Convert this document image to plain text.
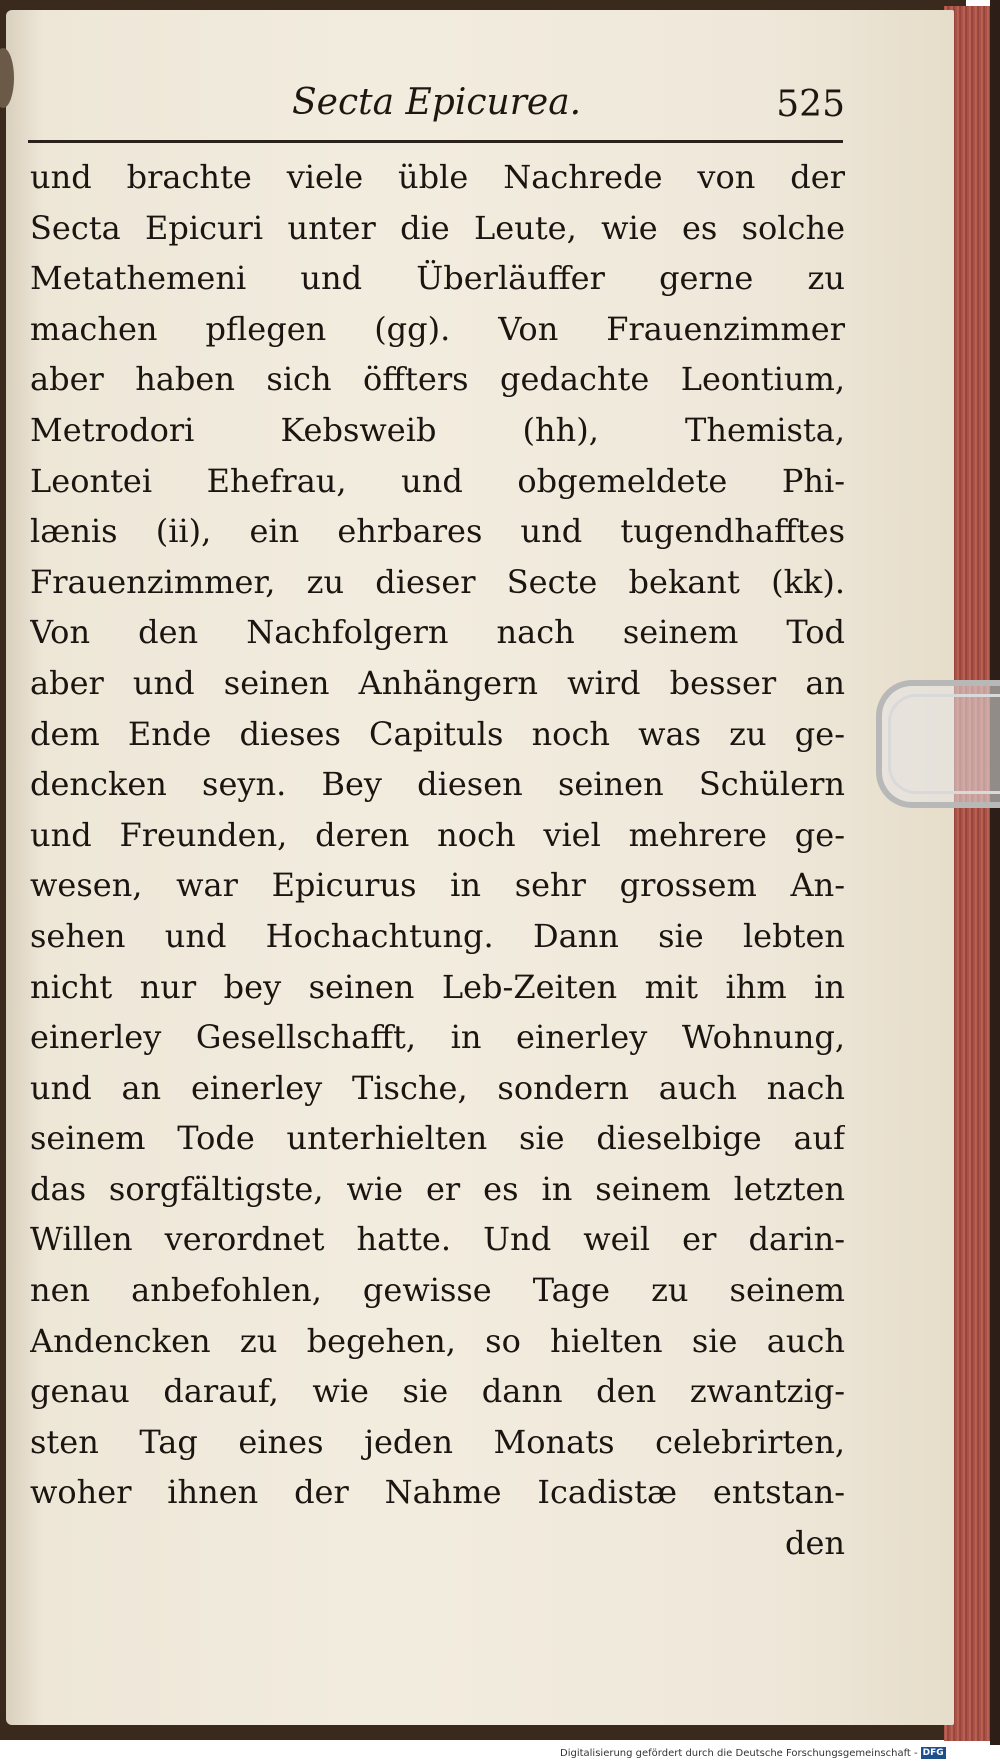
Secta Epicurea.	525
und brachte viele üble Nachrede von der
Secta Epicuri unter die Leute, wie es solche
Metathemeni und Überläuffer gerne zu
machen pflegen (gg). Von Frauenzimmer
aber haben sich öffters gedachte Leontium,
Metrodori Kebsweib (hh), Themista,
Leontei Ehefrau, und obgemeldete Phi-
lænis (ii), ein ehrbares und tugendhafftes
Frauenzimmer, zu dieser Secte bekant (kk).
Von den Nachfolgern nach seinem Tod
aber und seinen Anhängern wird besser an
dem Ende dieses Capituls noch was zu ge-
dencken seyn. Bey diesen seinen Schülern
und Freunden, deren noch viel mehrere ge-
wesen, war Epicurus in sehr grossem An-
sehen und Hochachtung. Dann sie lebten
nicht nur bey seinen Leb-Zeiten mit ihm in
einerley Gesellschafft, in einerley Wohnung,
und an einerley Tische, sondern auch nach
seinem Tode unterhielten sie dieselbige auf
das sorgfältigste, wie er es in seinem letzten
Willen verordnet hatte. Und weil er darin-
nen anbefohlen, gewisse Tage zu seinem
Andencken zu begehen, so hielten sie auch
genau darauf, wie sie dann den zwantzig-
sten Tag eines jeden Monats celebrirten,
woher ihnen der Nahme Icadistæ entstan-
den
Digitalisierung gefördert durch die Deutsche Forschungsgemeinschaft - DFG
